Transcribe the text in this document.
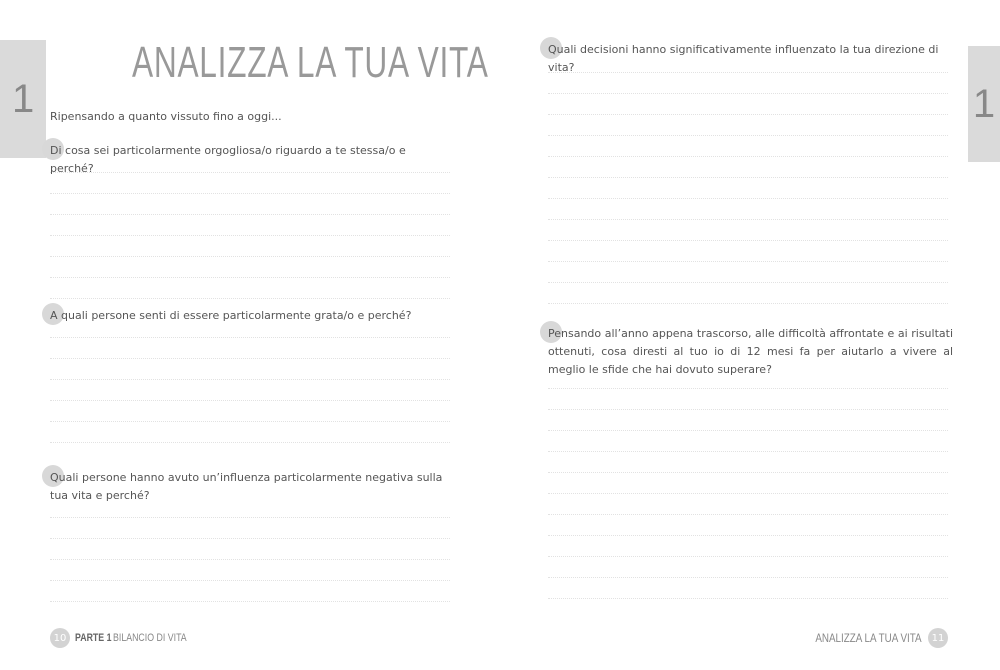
1
ANALIZZA LA TUA VITA
Ripensando a quanto vissuto fino a oggi...
Di cosa sei particolarmente orgogliosa/o riguardo a te stessa/o e perché?
A quali persone senti di essere particolarmente grata/o e perché?
Quali persone hanno avuto un’influenza particolarmente negativa sulla tua vita e perché?
10 PARTE 1 BILANCIO DI VITA
1
Quali decisioni hanno significativamente influenzato la tua direzione di vita?
Pensando all’anno appena trascorso, alle difficoltà affrontate e ai risultati ottenuti, cosa diresti al tuo io di 12 mesi fa per aiutarlo a vivere al meglio le sfide che hai dovuto superare?
ANALIZZA LA TUA VITA 11
